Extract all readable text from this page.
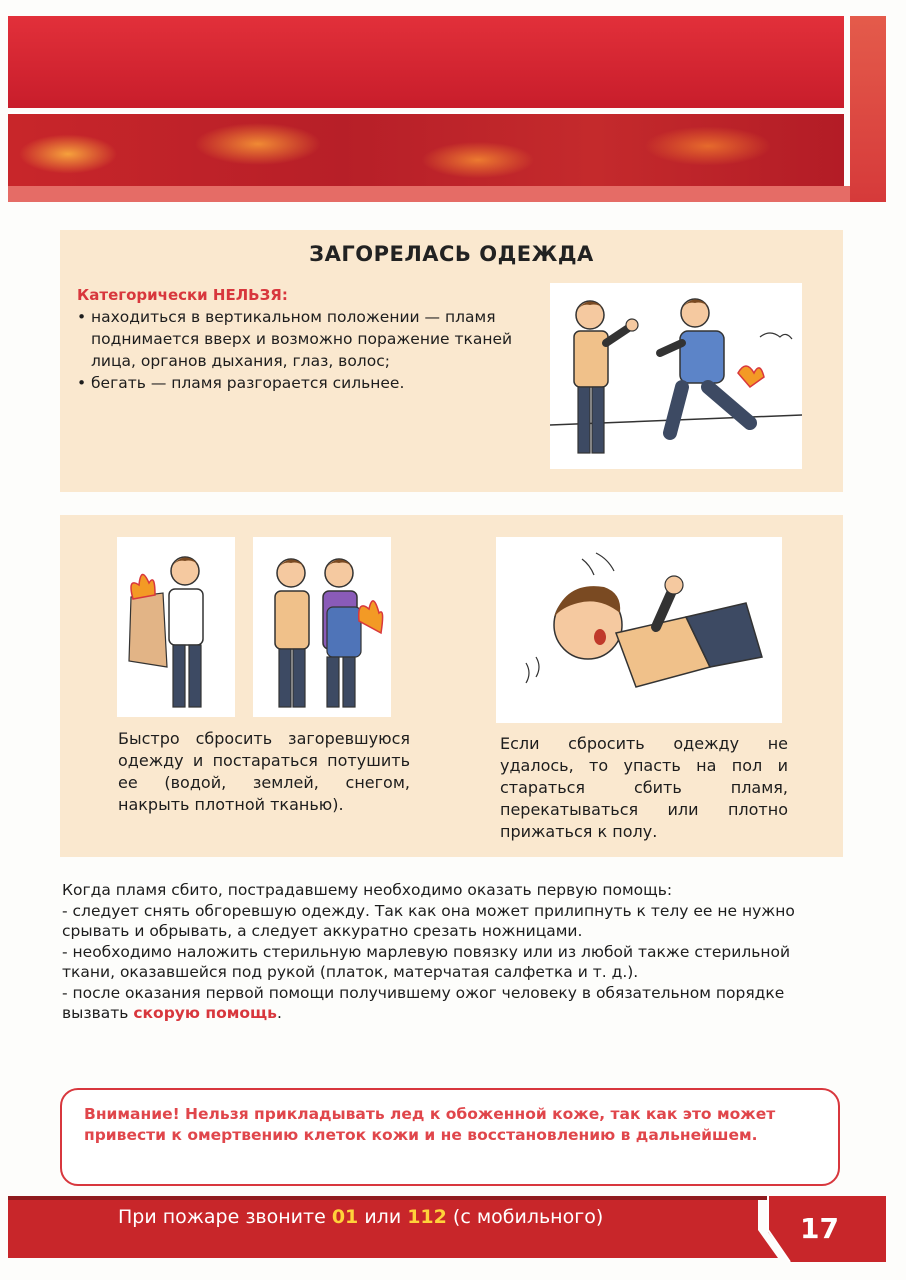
ЗАГОРЕЛАСЬ ОДЕЖДА
Категорически НЕЛЬЗЯ:
• находиться в вертикальном положении — пламя поднимается вверх и возможно поражение тканей лица, органов дыхания, глаз, волос;
• бегать — пламя разгорается сильнее.
Быстро сбросить загоревшуюся одежду и постараться потушить ее (водой, землей, снегом, накрыть плотной тканью).
Если сбросить одежду не удалось, то упасть на пол и стараться сбить пламя, перекатываться или плотно прижаться к полу.

Когда пламя сбито, пострадавшему необходимо оказать первую помощь:

- следует снять обгоревшую одежду. Так как она может прилипнуть к телу ее не нужно срывать и обрывать, а следует аккуратно срезать ножницами.

- необходимо наложить стерильную марлевую повязку или из любой также стерильной ткани, оказавшейся под рукой (платок, матерчатая салфетка и т. д.).

- после оказания первой помощи получившему ожог человеку в обязательном порядке вызвать скорую помощь.

Внимание! Нельзя прикладывать лед к обоженной коже, так как это может привести к омертвению клеток кожи и не восстановлению в дальнейшем.
При пожаре звоните 01 или 112 (с мобильного)	17
